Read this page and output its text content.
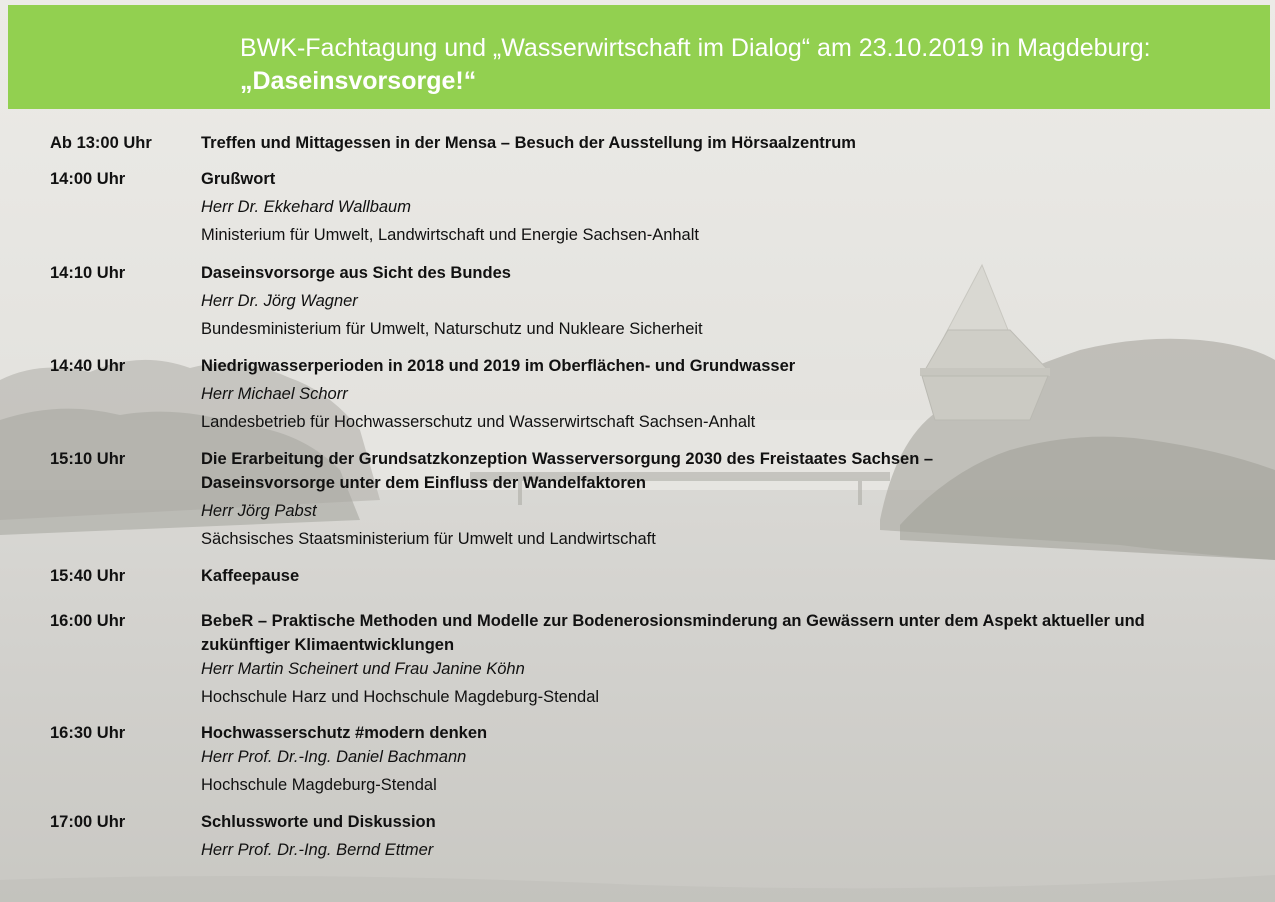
BWK-Fachtagung und „Wasserwirtschaft im Dialog“ am 23.10.2019 in Magdeburg:
„Daseinsvorsorge!“
Ab 13:00 Uhr	Treffen und Mittagessen in der Mensa – Besuch der Ausstellung im Hörsaalzentrum
14:00 Uhr	Grußwort
Herr Dr. Ekkehard Wallbaum
Ministerium für Umwelt, Landwirtschaft und Energie Sachsen-Anhalt
14:10 Uhr	Daseinsvorsorge aus Sicht des Bundes
Herr Dr. Jörg Wagner
Bundesministerium für Umwelt, Naturschutz und Nukleare Sicherheit
14:40 Uhr	Niedrigwasserperioden in 2018 und 2019 im Oberflächen- und Grundwasser
Herr Michael Schorr
Landesbetrieb für Hochwasserschutz und Wasserwirtschaft Sachsen-Anhalt
15:10 Uhr	Die Erarbeitung der Grundsatzkonzeption Wasserversorgung 2030 des Freistaates Sachsen –
Daseinsvorsorge unter dem Einfluss der Wandelfaktoren
Herr Jörg Pabst
Sächsisches Staatsministerium für Umwelt und Landwirtschaft
15:40 Uhr	Kaffeepause
16:00 Uhr	BebeR – Praktische Methoden und Modelle zur Bodenerosionsminderung an Gewässern unter dem Aspekt aktueller und
zukünftiger Klimaentwicklungen
Herr Martin Scheinert und Frau Janine Köhn
Hochschule Harz und Hochschule Magdeburg-Stendal
16:30 Uhr	Hochwasserschutz #modern denken
Herr Prof. Dr.-Ing. Daniel Bachmann
Hochschule Magdeburg-Stendal
17:00 Uhr	Schlussworte und Diskussion
Herr Prof. Dr.-Ing. Bernd Ettmer
